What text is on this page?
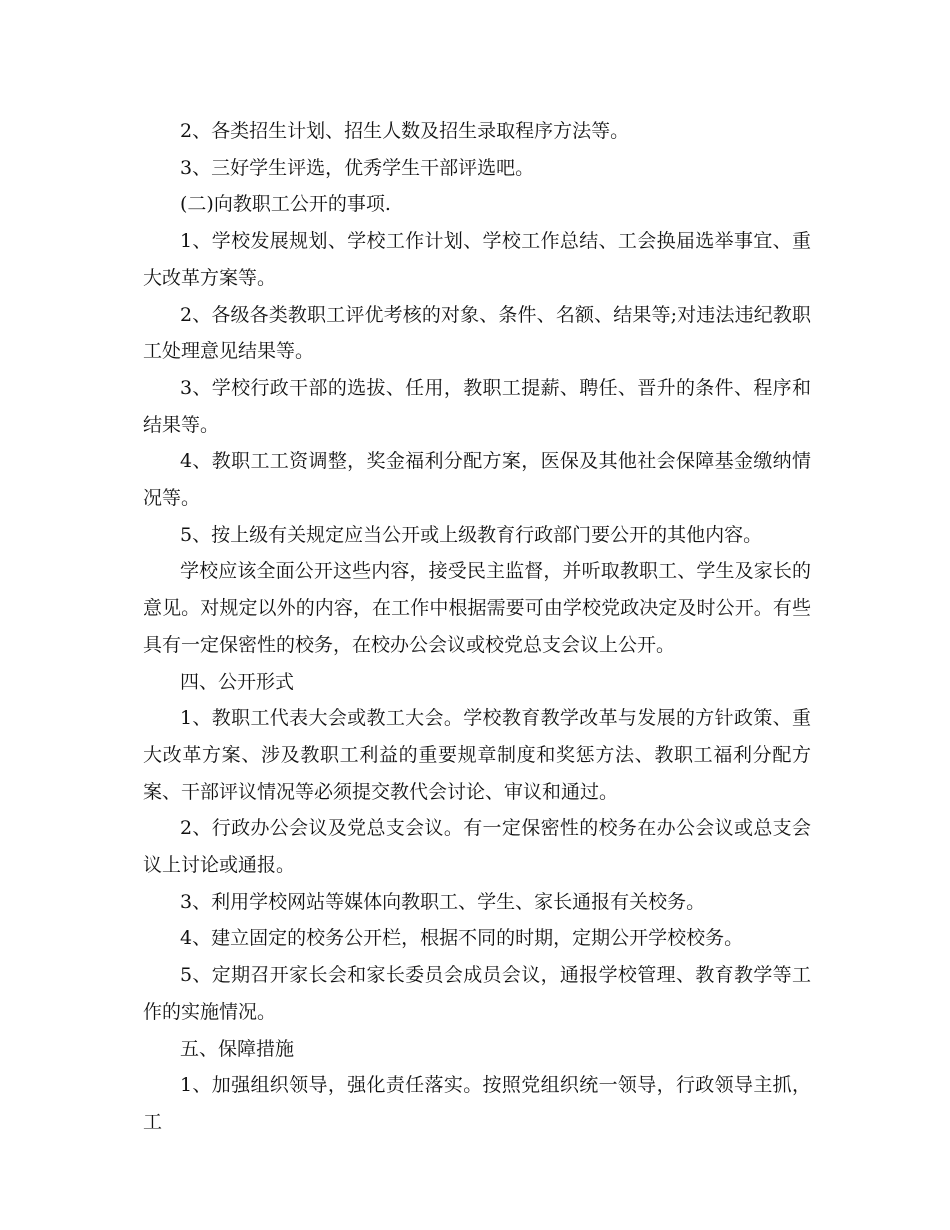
2、各类招生计划、招生人数及招生录取程序方法等。

3、三好学生评选，优秀学生干部评选吧。

(二)向教职工公开的事项.

1、学校发展规划、学校工作计划、学校工作总结、工会换届选举事宜、重大改革方案等。

2、各级各类教职工评优考核的对象、条件、名额、结果等;对违法违纪教职工处理意见结果等。

3、学校行政干部的选拔、任用，教职工提薪、聘任、晋升的条件、程序和结果等。

4、教职工工资调整，奖金福利分配方案，医保及其他社会保障基金缴纳情况等。

5、按上级有关规定应当公开或上级教育行政部门要公开的其他内容。

学校应该全面公开这些内容，接受民主监督，并听取教职工、学生及家长的意见。对规定以外的内容，在工作中根据需要可由学校党政决定及时公开。有些具有一定保密性的校务，在校办公会议或校党总支会议上公开。

四、公开形式

1、教职工代表大会或教工大会。学校教育教学改革与发展的方针政策、重大改革方案、涉及教职工利益的重要规章制度和奖惩方法、教职工福利分配方案、干部评议情况等必须提交教代会讨论、审议和通过。

2、行政办公会议及党总支会议。有一定保密性的校务在办公会议或总支会议上讨论或通报。

3、利用学校网站等媒体向教职工、学生、家长通报有关校务。

4、建立固定的校务公开栏，根据不同的时期，定期公开学校校务。

5、定期召开家长会和家长委员会成员会议，通报学校管理、教育教学等工作的实施情况。

五、保障措施

1、加强组织领导，强化责任落实。按照党组织统一领导，行政领导主抓，工
